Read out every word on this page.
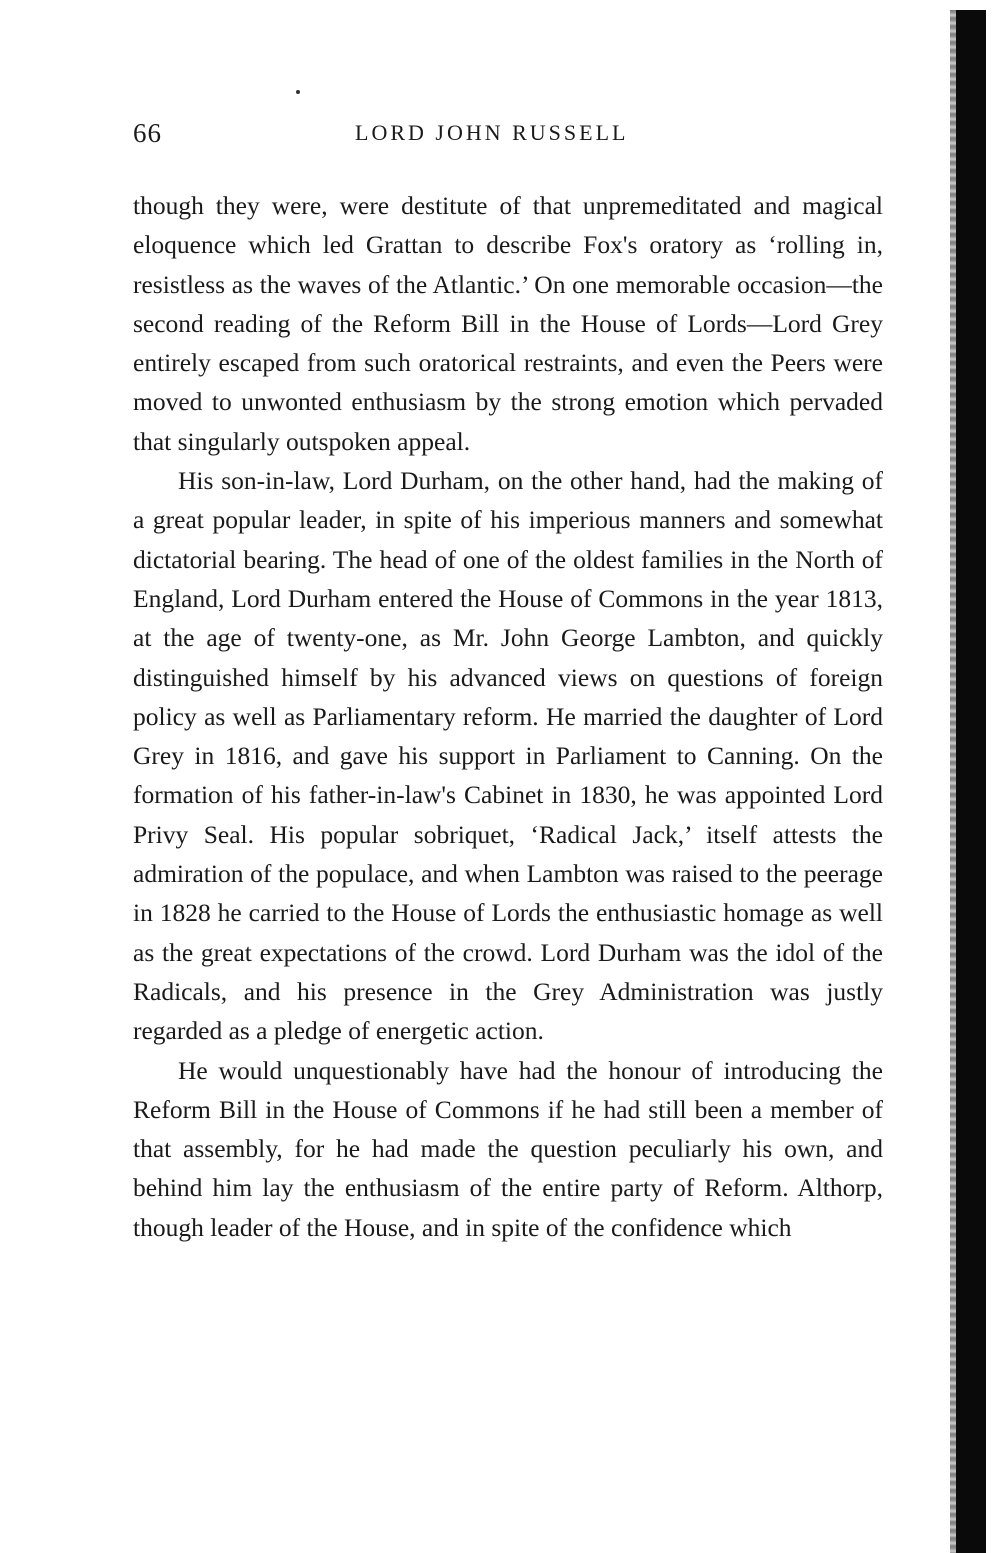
66	LORD JOHN RUSSELL

though they were, were destitute of that unpremeditated and magical eloquence which led Grattan to describe Fox's oratory as ‘rolling in, resistless as the waves of the Atlantic.’ On one memorable occasion—the second reading of the Reform Bill in the House of Lords—Lord Grey entirely escaped from such oratorical restraints, and even the Peers were moved to unwonted enthusiasm by the strong emotion which pervaded that singularly outspoken appeal.

His son-in-law, Lord Durham, on the other hand, had the making of a great popular leader, in spite of his imperious manners and somewhat dictatorial bearing. The head of one of the oldest families in the North of England, Lord Durham entered the House of Commons in the year 1813, at the age of twenty-one, as Mr. John George Lambton, and quickly distinguished himself by his advanced views on questions of foreign policy as well as Parliamentary reform. He married the daughter of Lord Grey in 1816, and gave his support in Parliament to Canning. On the formation of his father-in-law's Cabinet in 1830, he was appointed Lord Privy Seal. His popular sobriquet, ‘Radical Jack,’ itself attests the admiration of the populace, and when Lambton was raised to the peerage in 1828 he carried to the House of Lords the enthusiastic homage as well as the great expectations of the crowd. Lord Durham was the idol of the Radicals, and his presence in the Grey Administration was justly regarded as a pledge of energetic action.

He would unquestionably have had the honour of introducing the Reform Bill in the House of Commons if he had still been a member of that assembly, for he had made the question peculiarly his own, and behind him lay the enthusiasm of the entire party of Reform. Althorp, though leader of the House, and in spite of the confidence which
